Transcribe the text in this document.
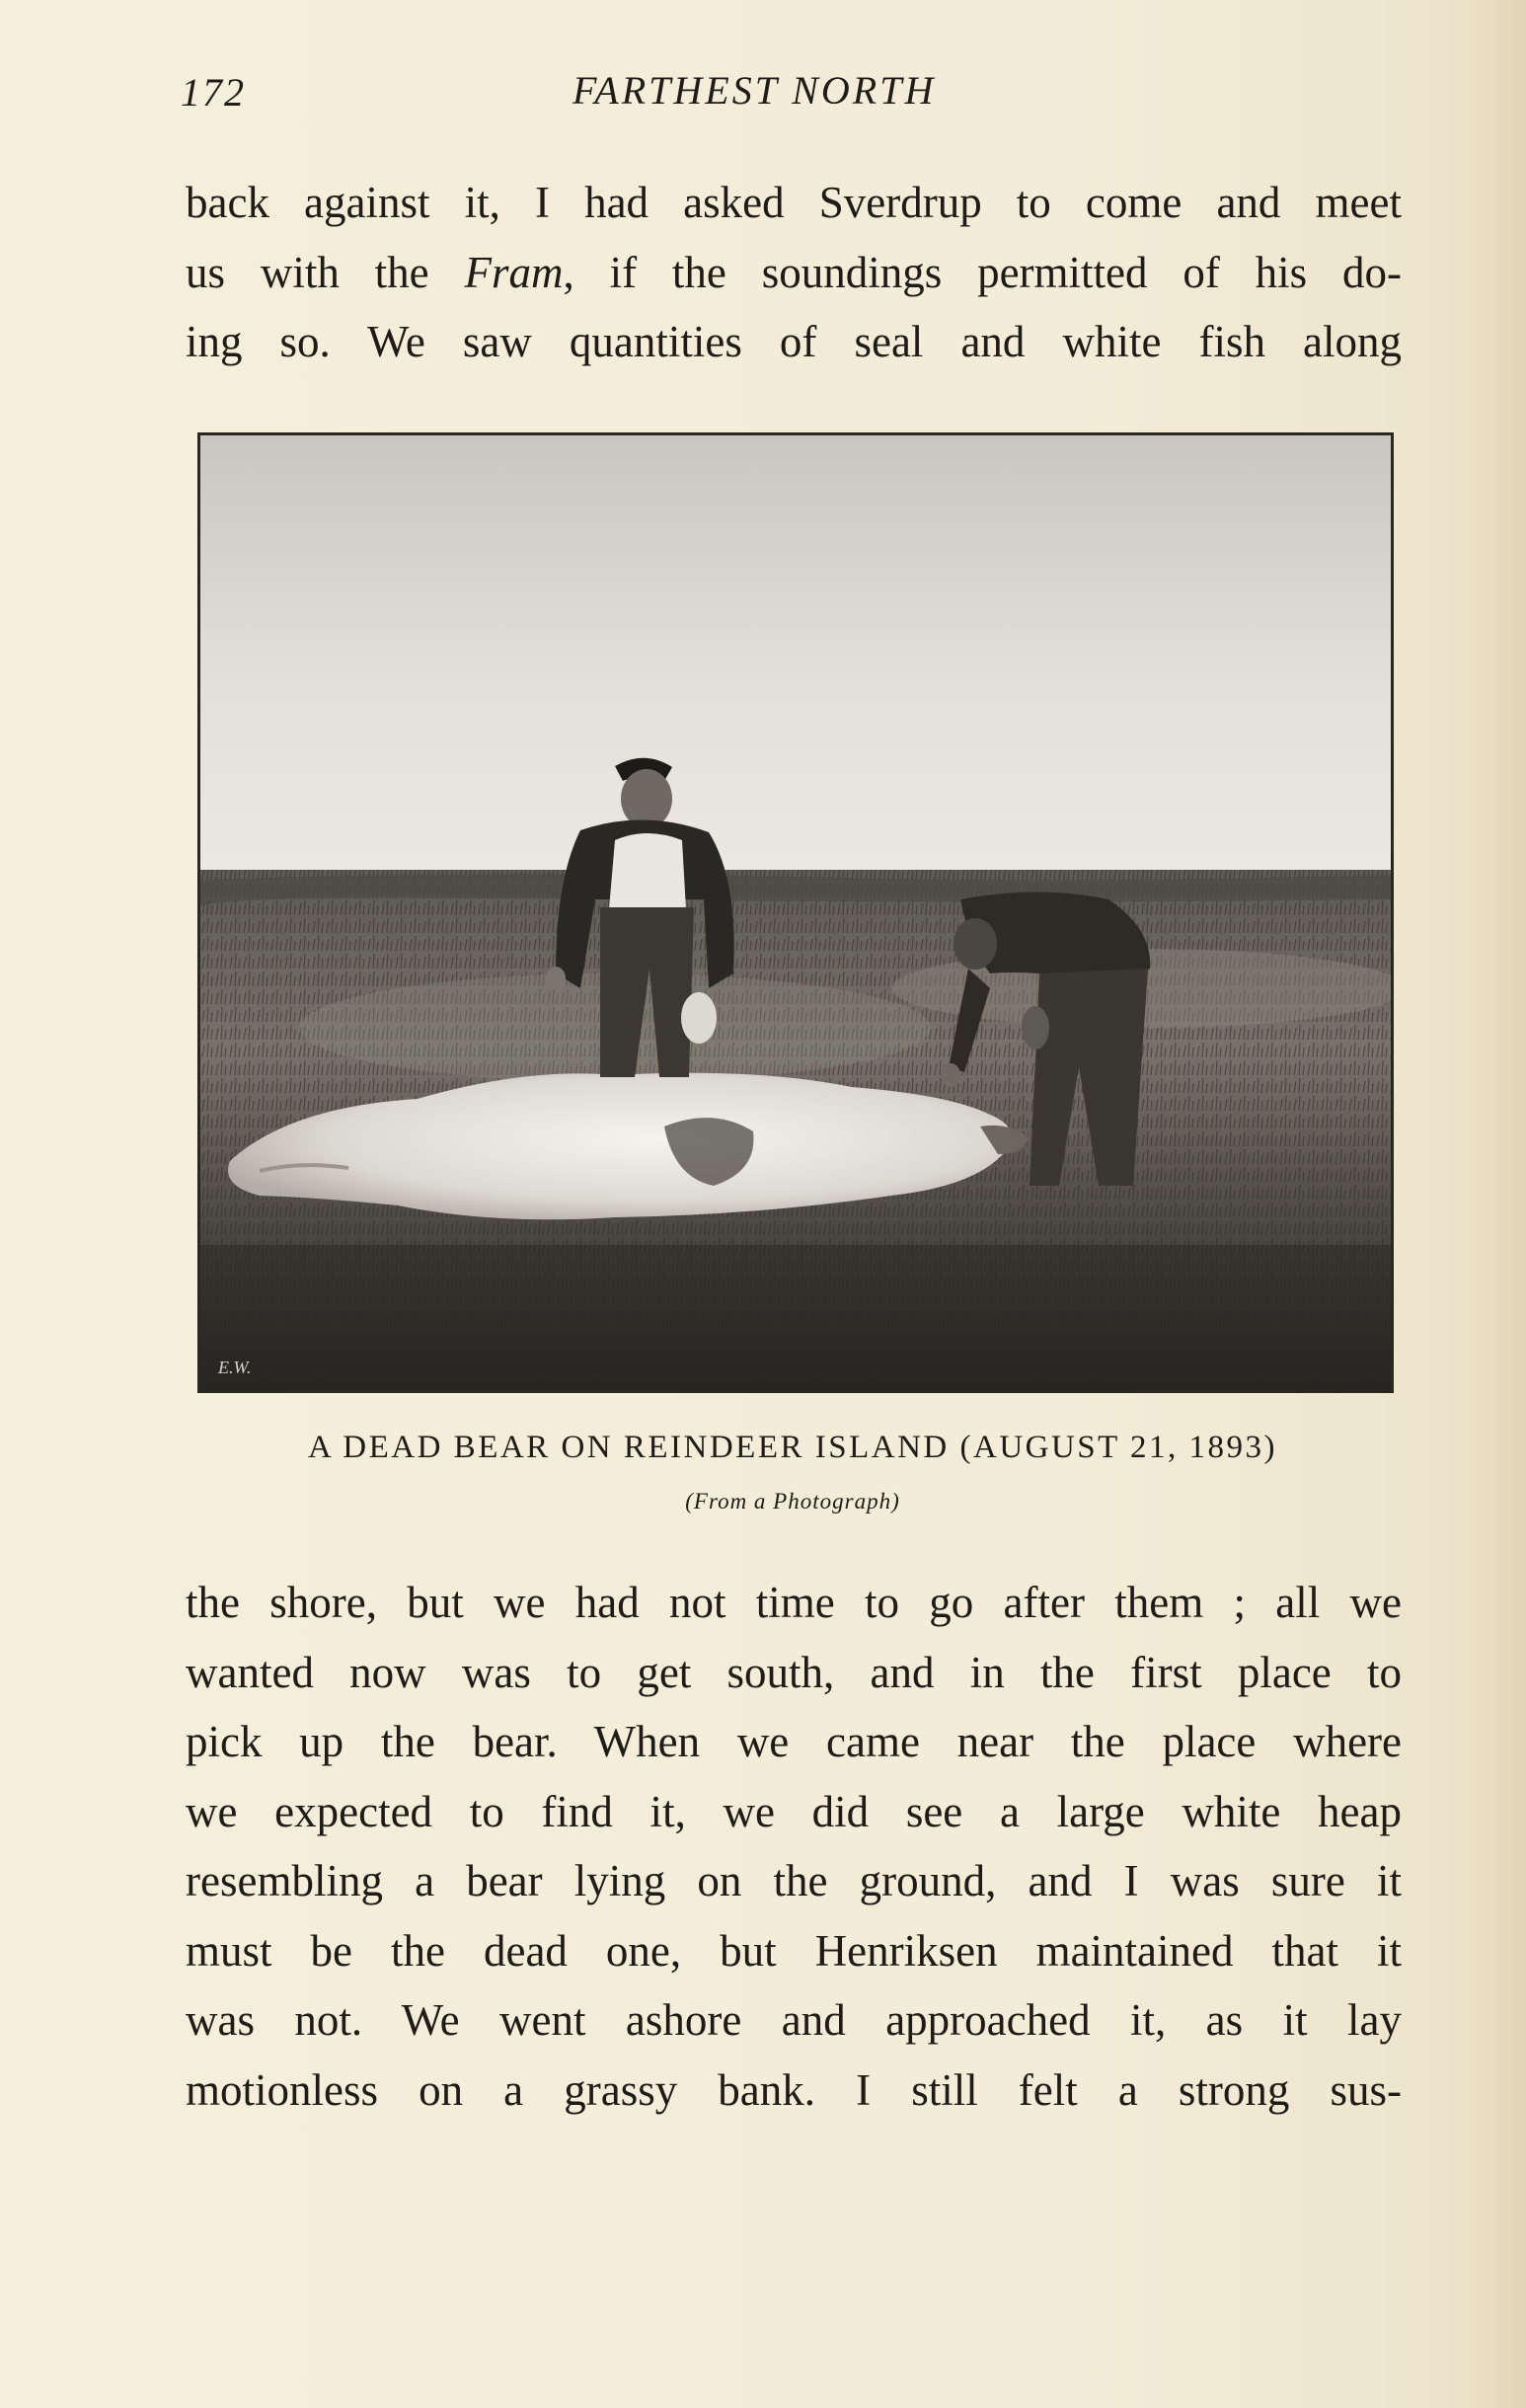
172	FARTHEST NORTH
back against it, I had asked Sverdrup to come and meet
us with the Fram, if the soundings permitted of his do-
ing so. We saw quantities of seal and white fish along
E.W.
A DEAD BEAR ON REINDEER ISLAND (AUGUST 21, 1893)
(From a Photograph)
the shore, but we had not time to go after them ; all we
wanted now was to get south, and in the first place to
pick up the bear. When we came near the place where
we expected to find it, we did see a large white heap
resembling a bear lying on the ground, and I was sure it
must be the dead one, but Henriksen maintained that it
was not. We went ashore and approached it, as it lay
motionless on a grassy bank. I still felt a strong sus-
